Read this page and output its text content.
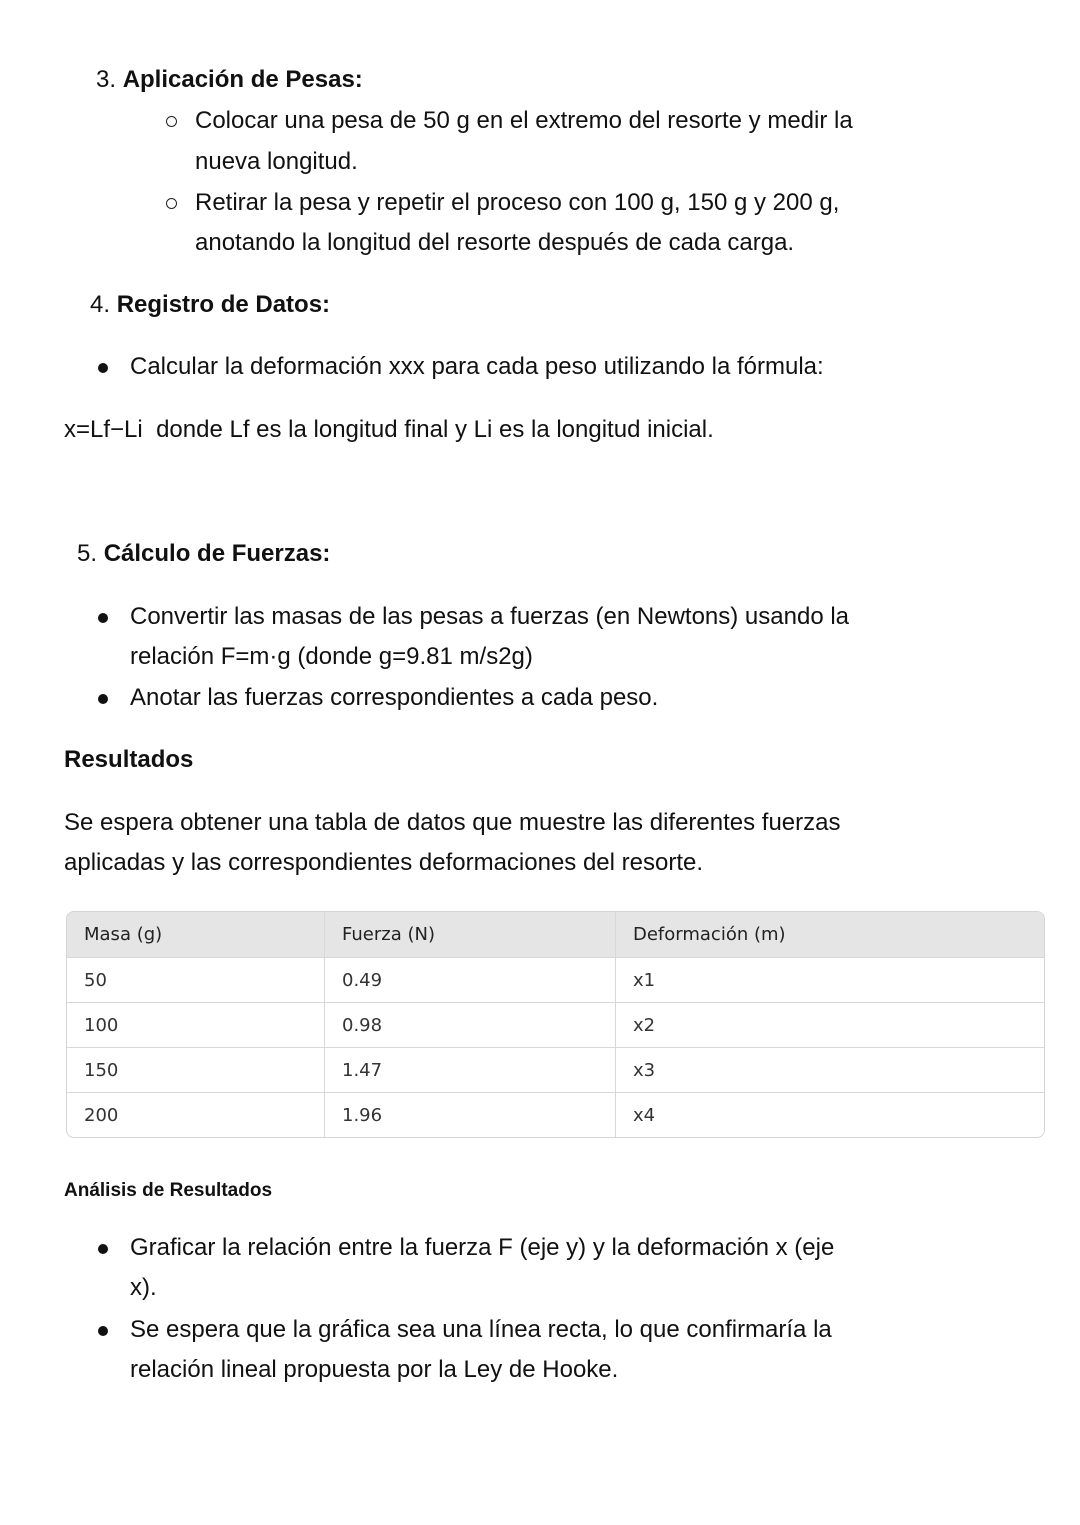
3. Aplicación de Pesas:
Colocar una pesa de 50 g en el extremo del resorte y medir la
nueva longitud.
Retirar la pesa y repetir el proceso con 100 g, 150 g y 200 g,
anotando la longitud del resorte después de cada carga.
4. Registro de Datos:
Calcular la deformación xxx para cada peso utilizando la fórmula:
x=Lf−Li donde Lf es la longitud final y Li es la longitud inicial.
5. Cálculo de Fuerzas:
Convertir las masas de las pesas a fuerzas (en Newtons) usando la
relación F=m·g (donde g=9.81 m/s2g)
Anotar las fuerzas correspondientes a cada peso.
Resultados
Se espera obtener una tabla de datos que muestre las diferentes fuerzas
aplicadas y las correspondientes deformaciones del resorte.
Masa (g)	Fuerza (N)	Deformación (m)
50	0.49	x1
100	0.98	x2
150	1.47	x3
200	1.96	x4
Análisis de Resultados
Graficar la relación entre la fuerza F (eje y) y la deformación x (eje
x).
Se espera que la gráfica sea una línea recta, lo que confirmaría la
relación lineal propuesta por la Ley de Hooke.
